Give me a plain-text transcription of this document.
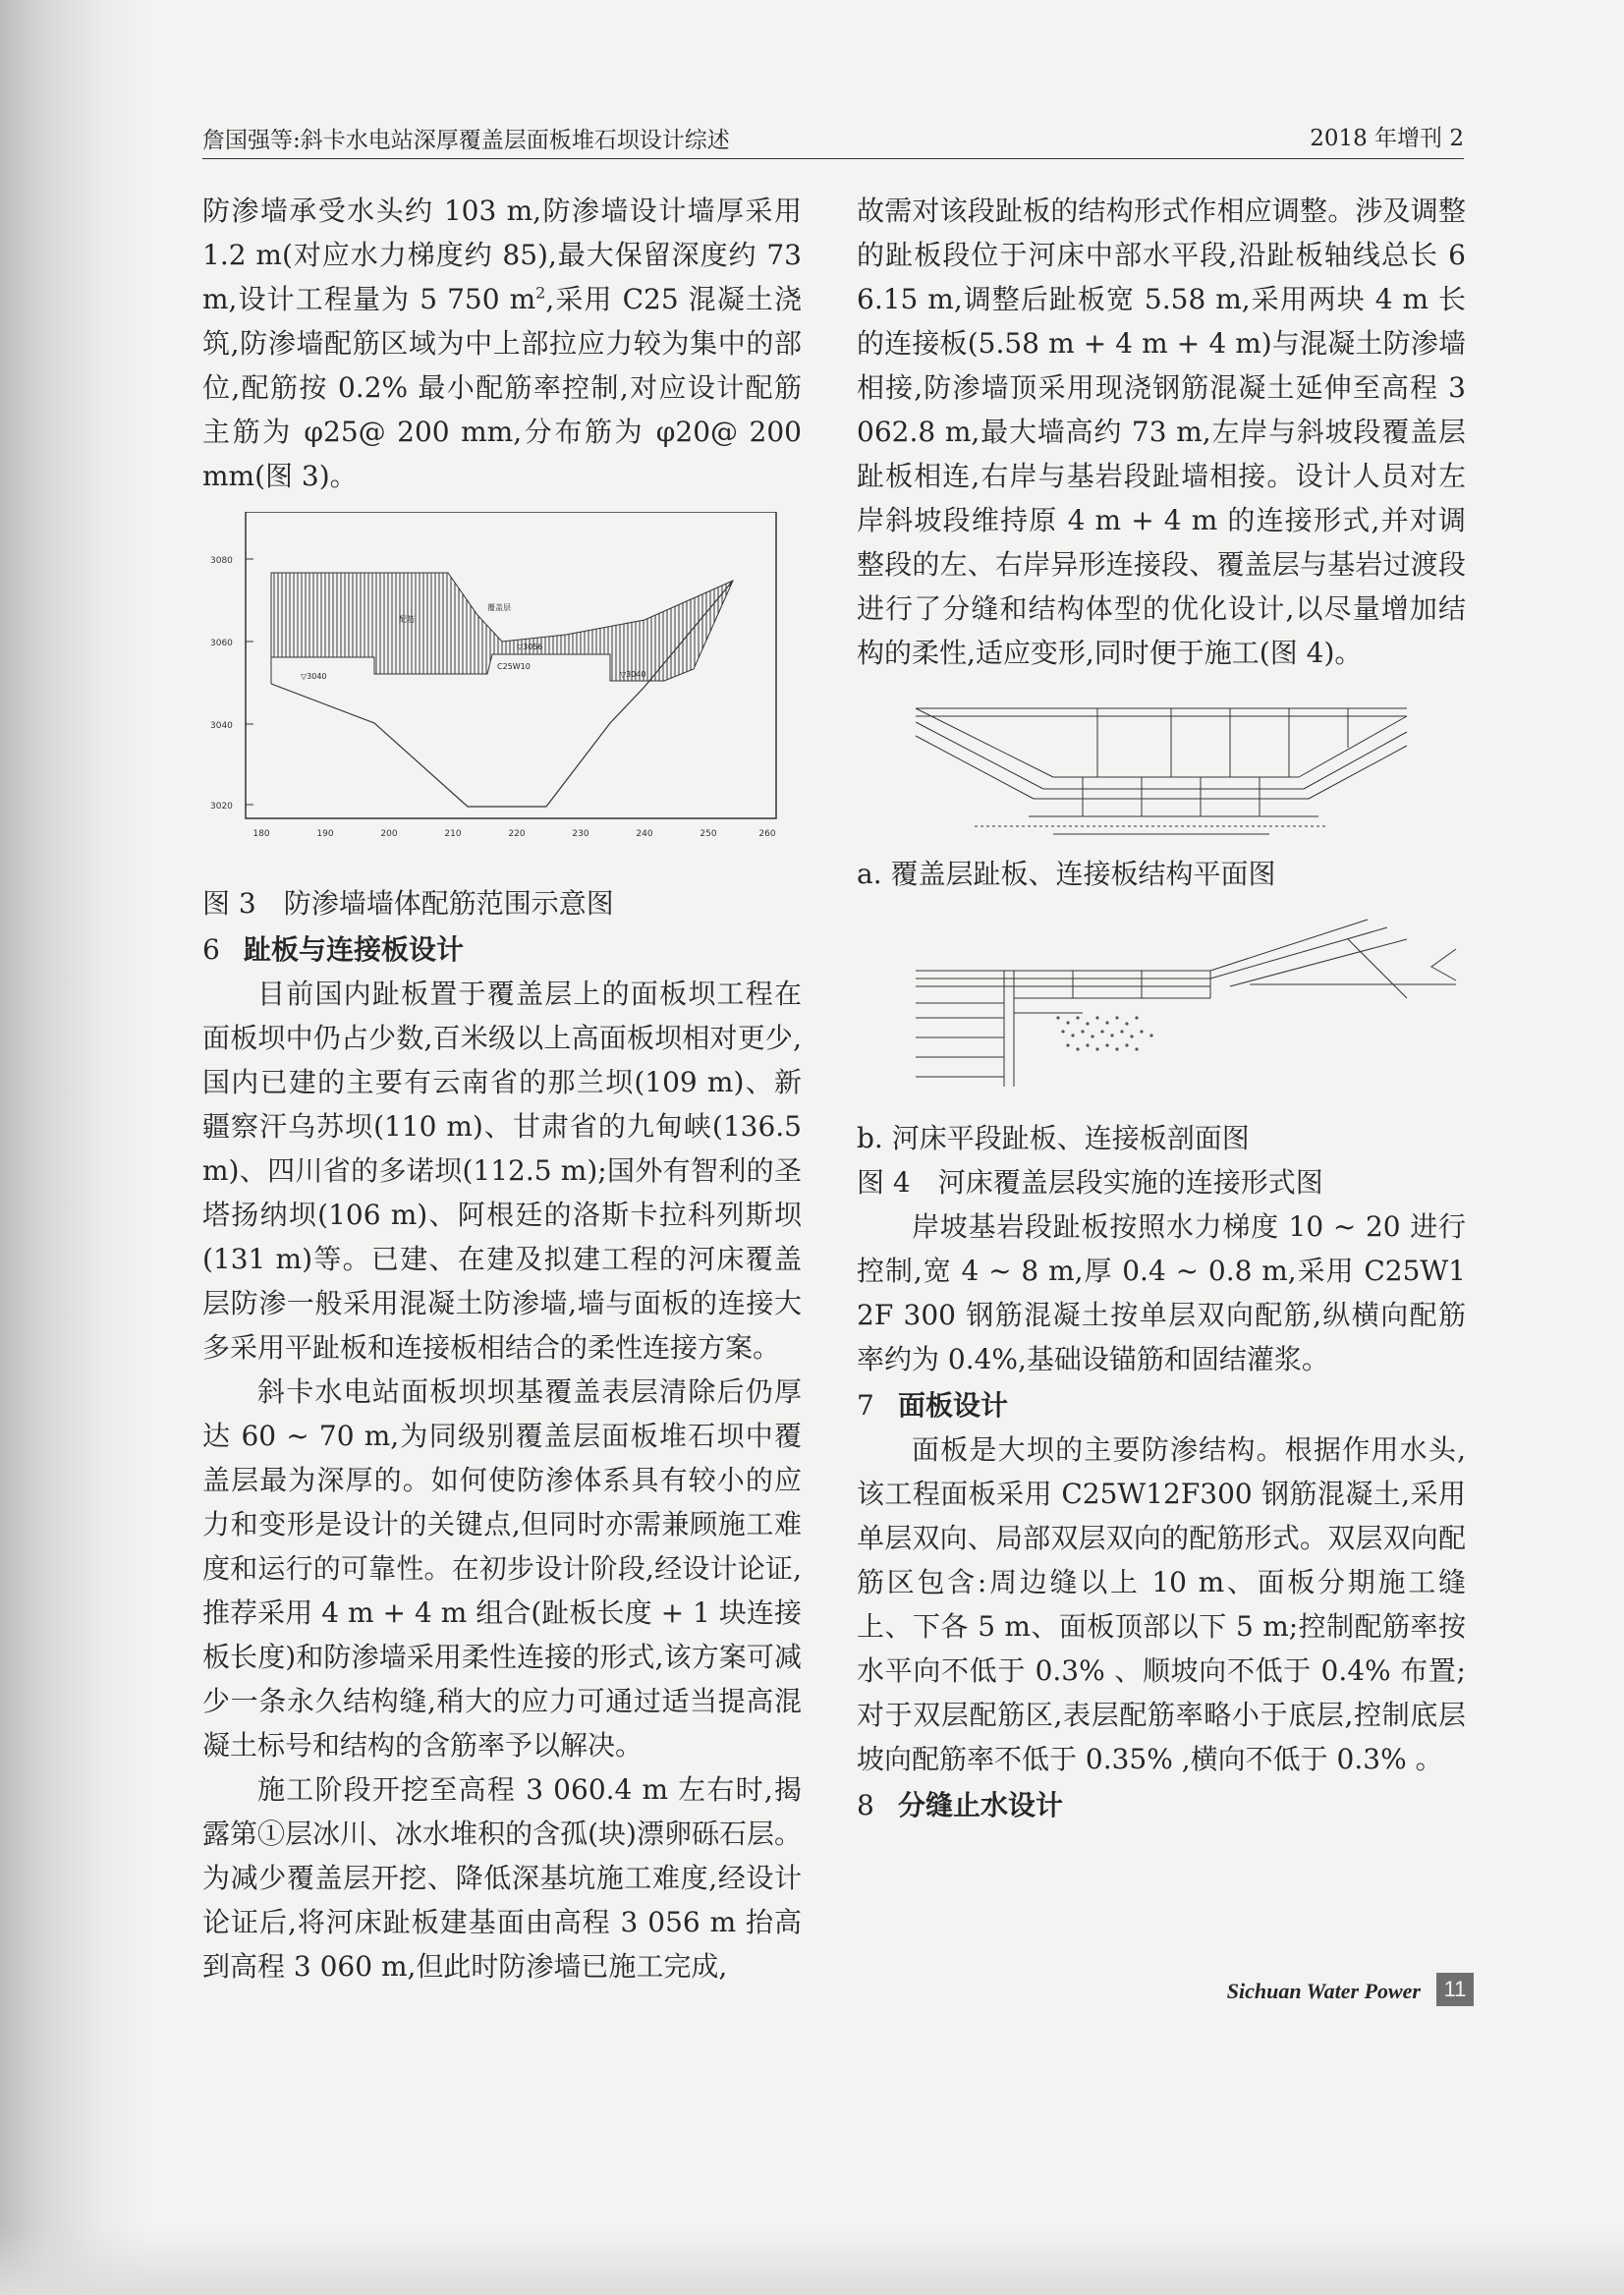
詹国强等:斜卡水电站深厚覆盖层面板堆石坝设计综述	2018 年增刊 2

防渗墙承受水头约 103 m,防渗墙设计墙厚采用 1.2 m(对应水力梯度约 85),最大保留深度约 73 m,设计工程量为 5 750 $m^2$,采用 C25 混凝土浇筑,防渗墙配筋区域为中上部拉应力较为集中的部位,配筋按 0.2% 最小配筋率控制,对应设计配筋主筋为 φ25@ 200 mm,分布筋为 φ20@ 200 mm(图 3)。

3080
3060
3040
3020
180	190	200	210	220	230	240	250	260
覆盖层
▽3040
▽3056
C25W10
▽3040
配筋

图 3　防渗墙墙体配筋范围示意图

6 趾板与连接板设计

目前国内趾板置于覆盖层上的面板坝工程在面板坝中仍占少数,百米级以上高面板坝相对更少,国内已建的主要有云南省的那兰坝(109 m)、新疆察汗乌苏坝(110 m)、甘肃省的九甸峡(136.5 m)、四川省的多诺坝(112.5 m);国外有智利的圣塔扬纳坝(106 m)、阿根廷的洛斯卡拉科列斯坝(131 m)等。已建、在建及拟建工程的河床覆盖层防渗一般采用混凝土防渗墙,墙与面板的连接大多采用平趾板和连接板相结合的柔性连接方案。

斜卡水电站面板坝坝基覆盖表层清除后仍厚达 60 ~ 70 m,为同级别覆盖层面板堆石坝中覆盖层最为深厚的。如何使防渗体系具有较小的应力和变形是设计的关键点,但同时亦需兼顾施工难度和运行的可靠性。在初步设计阶段,经设计论证,推荐采用 4 m + 4 m 组合(趾板长度 + 1 块连接板长度)和防渗墙采用柔性连接的形式,该方案可减少一条永久结构缝,稍大的应力可通过适当提高混凝土标号和结构的含筋率予以解决。

施工阶段开挖至高程 3 060.4 m 左右时,揭露第①层冰川、冰水堆积的含孤(块)漂卵砾石层。为减少覆盖层开挖、降低深基坑施工难度,经设计论证后,将河床趾板建基面由高程 3 056 m 抬高到高程 3 060 m,但此时防渗墙已施工完成,

故需对该段趾板的结构形式作相应调整。涉及调整的趾板段位于河床中部水平段,沿趾板轴线总长 66.15 m,调整后趾板宽 5.58 m,采用两块 4 m 长的连接板(5.58 m + 4 m + 4 m)与混凝土防渗墙相接,防渗墙顶采用现浇钢筋混凝土延伸至高程 3 062.8 m,最大墙高约 73 m,左岸与斜坡段覆盖层趾板相连,右岸与基岩段趾墙相接。设计人员对左岸斜坡段维持原 4 m + 4 m 的连接形式,并对调整段的左、右岸异形连接段、覆盖层与基岩过渡段进行了分缝和结构体型的优化设计,以尽量增加结构的柔性,适应变形,同时便于施工(图 4)。

a. 覆盖层趾板、连接板结构平面图

b. 河床平段趾板、连接板剖面图

图 4　河床覆盖层段实施的连接形式图

岸坡基岩段趾板按照水力梯度 10 ~ 20 进行控制,宽 4 ~ 8 m,厚 0.4 ~ 0.8 m,采用 C25W12F 300 钢筋混凝土按单层双向配筋,纵横向配筋率约为 0.4%,基础设锚筋和固结灌浆。

7 面板设计

面板是大坝的主要防渗结构。根据作用水头,该工程面板采用 C25W12F300 钢筋混凝土,采用单层双向、局部双层双向的配筋形式。双层双向配筋区包含:周边缝以上 10 m、面板分期施工缝上、下各 5 m、面板顶部以下 5 m;控制配筋率按水平向不低于 0.3% 、顺坡向不低于 0.4% 布置;对于双层配筋区,表层配筋率略小于底层,控制底层坡向配筋率不低于 0.35% ,横向不低于 0.3% 。

8 分缝止水设计
Sichuan Water Power	11
